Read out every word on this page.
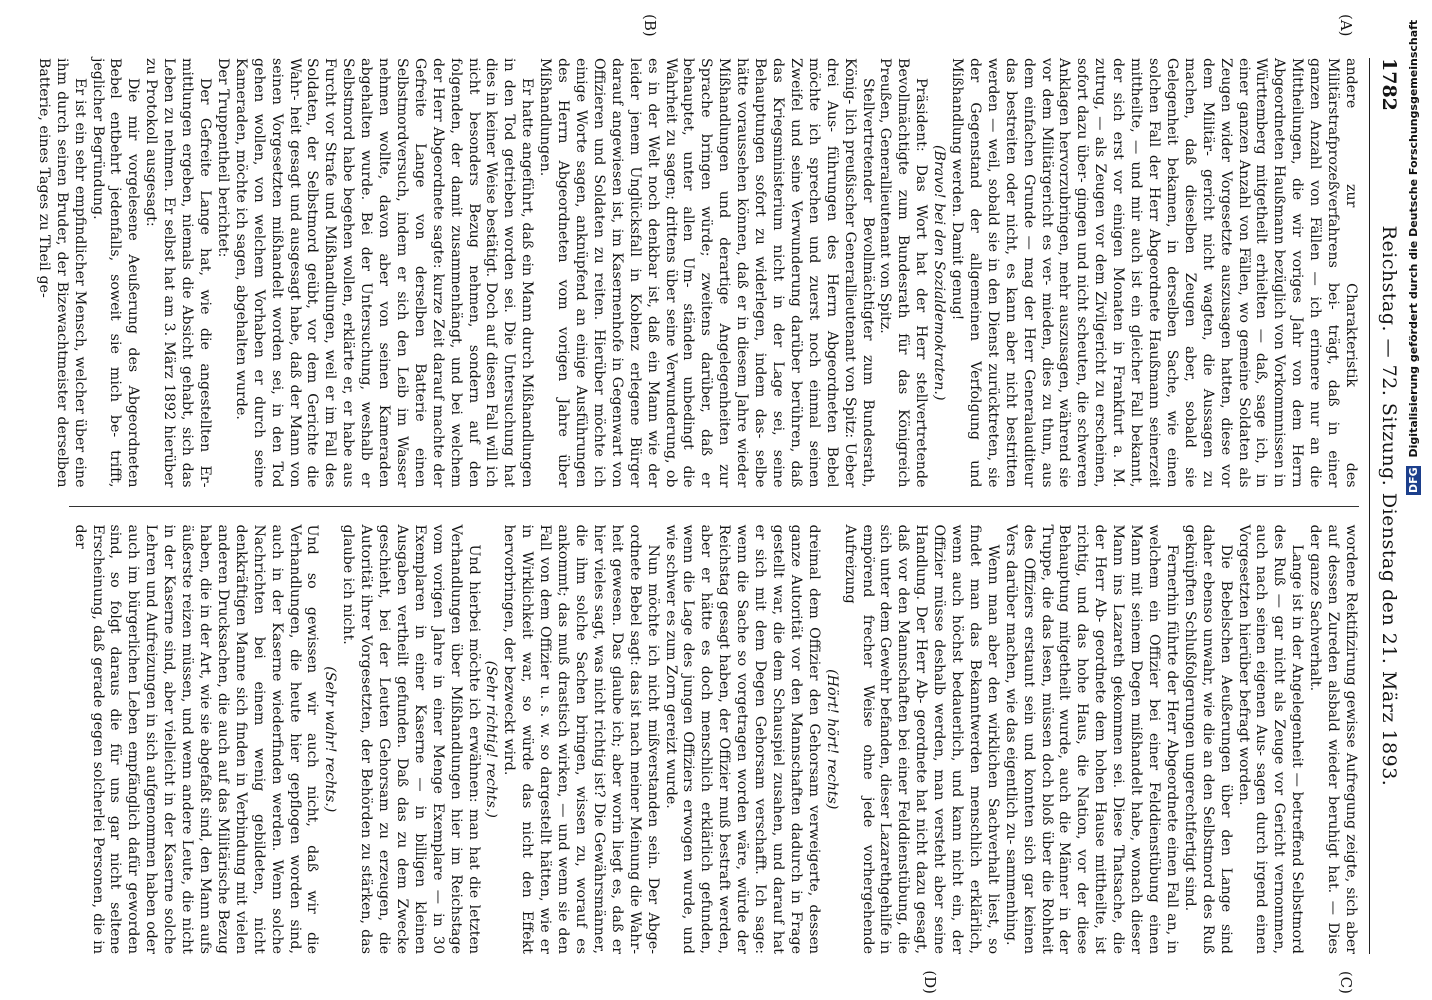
1782
Reichstag. — 72. Sitzung. Dienstag den 21. März 1893.
(A)
(B)
(C)
(D)

andere zur Charakteristik des Militärstrafprozeßverfahrens bei- trägt, daß in einer ganzen Anzahl von Fällen — ich erinnere nur an die Mittheilungen, die wir voriges Jahr von dem Herrn Abgeordneten Haußmann bezüglich von Vorkommnissen in Württemberg mitgetheilt erhielten — daß, sage ich, in einer ganzen Anzahl von Fällen, wo gemeine Soldaten als Zeugen wider Vorgesetzte auszusagen hatten, diese vor dem Militär- gericht nicht wagten, die Aussagen zu machen, daß dieselben Zeugen aber, sobald sie Gelegenheit bekamen, in derselben Sache, wie einen solchen Fall der Herr Abgeordnete Haußmann seinerzeit mittheilte, — und mir auch ist ein gleicher Fall bekannt, der sich erst vor einigen Monaten in Frankfurt a. M. zutrug, — als Zeugen vor dem Zivilgericht zu erscheinen, sofort dazu über- gingen und nicht scheuten, die schweren Anklagen hervorzubringen, mehr auszusagen, während sie vor dem Militärgericht es ver- mieden, dies zu thun, aus dem einfachen Grunde — mag der Herr Generalauditeur das bestreiten oder nicht, es kann aber nicht bestritten werden — weil, sobald sie in den Dienst zurücktreten, sie der Gegenstand der allgemeinen Verfolgung und Mißhandlung werden. Damit genug!

(Bravo! bei den Sozialdemokraten.)

Präsident: Das Wort hat der Herr stellvertretende Bevollmächtigte zum Bundesrath für das Königreich Preußen, Generallieutenant von Spitz.

Stellvertretender Bevollmächtigter zum Bundesrath, König- lich preußischer Generallieutenant von Spitz: Ueber drei Aus- führungen des Herrn Abgeordneten Bebel möchte ich sprechen und zuerst noch einmal seinen Zweifel und seine Verwunderung darüber berühren, daß das Kriegsministerium nicht in der Lage sei, seine Behauptungen sofort zu widerlegen, indem das- selbe hätte voraussehen können, daß er in diesem Jahre wieder Mißhandlungen und derartige Angelegenheiten zur Sprache bringen würde; zweitens darüber, daß er behauptet, unter allen Um- ständen unbedingt die Wahrheit zu sagen; drittens über seine Verwunderung, ob es in der Welt noch denkbar ist, daß ein Mann wie der leider jenem Unglücksfall in Koblenz erlegene Bürger darauf angewiesen ist, im Kasernenhofe in Gegenwart von Offizieren und Soldaten zu reiten. Hierüber möchte ich einige Worte sagen, anknüpfend an einige Ausführungen des Herrn Abgeordneten vom vorigen Jahre über Mißhandlungen.

Er hatte angeführt, daß ein Mann durch Mißhandlungen in den Tod getrieben worden sei. Die Untersuchung hat dies in keiner Weise bestätigt. Doch auf diesen Fall will ich nicht besonders Bezug nehmen, sondern auf den folgenden, der damit zusammenhängt, und bei welchem der Herr Abgeordnete sagte: kurze Zeit darauf machte der Gefreite Lange von derselben Batterie einen Selbstmordversuch, indem er sich den Leib im Wasser nehmen wollte, davon aber von seinen Kameraden abgehalten wurde. Bei der Untersuchung, weshalb er Selbstmord habe begehen wollen, erklärte er, er habe aus Furcht vor Strafe und Mißhandlungen, weil er im Fall des Soldaten, der Selbstmord geübt, vor dem Gerichte die Wahr- heit gesagt und ausgesagt habe, daß der Mann von seinen Vorgesetzten mißhandelt worden sei, in den Tod gehen wollen, von welchem Vorhaben er durch seine Kameraden, möchte ich sagen, abgehalten wurde.

Der Truppentheil berichtet:

Der Gefreite Lange hat, wie die angestellten Er- mittlungen ergeben, niemals die Absicht gehabt, sich das Leben zu nehmen. Er selbst hat am 3. März 1892 hierüber zu Protokoll ausgesagt:

Die mir vorgelesene Aeußerung des Abgeordneten Bebel entbehrt jedenfalls, soweit sie mich be- trifft, jeglicher Begründung.

Er ist ein sehr empfindlicher Mensch, welcher über eine ihm durch seinen Bruder, der Bizewachtmeister derselben Batterie, eines Tages zu Theil ge-

wordene Rektifizirung gewisse Aufregung zeigte, sich aber auf dessen Zureden alsbald wieder beruhigt hat. — Dies der ganze Sachverhalt.

Lange ist in der Angelegenheit — betreffend Selbstmord des Ruß — gar nicht als Zeuge vor Gericht vernommen, auch nach seinen eigenen Aus- sagen durch irgend einen Vorgesetzten hierüber befragt worden.

Die Bebelschen Aeußerungen über den Lange sind daher ebenso unwahr, wie die an den Selbstmord des Ruß geknüpften Schlußfolgerungen ungerechtfertigt sind.

Fernerhin führte der Herr Abgeordnete einen Fall an, in welchem ein Offizier bei einer Felddienstübung einen Mann mit seinem Degen mißhandelt habe, wonach dieser Mann ins Lazareth gekommen sei. Diese Thatsache, die der Herr Ab- geordnete dem hohen Hause mittheilte, ist richtig, und das hohe Haus, die Nation, vor der diese Behauptung mitgetheilt wurde, auch die Männer in der Truppe, die das lesen, müssen doch bloß über die Rohheit des Offiziers erstaunt sein und konnten sich gar keinen Vers darüber machen, wie das eigentlich zu- sammenhing.

Wenn man aber den wirklichen Sachverhalt liest, so findet man das Bekanntwerden menschlich erklärlich, wenn auch höchst bedauerlich, und kann nicht ein, der Offizier müsse deshalb werden, man versteht aber seine Handlung. Der Herr Ab- geordnete hat nicht dazu gesagt, daß vor den Mannschaften bei einer Felddienstübung, die sich unter dem Gewehr befanden, dieser Lazarethgehilfe in empörend frecher Weise ohne jede vorhergehende Aufreizung

(Hört! hört! rechts)

dreimal dem Offizier den Gehorsam verweigerte, dessen ganze Autorität vor den Mannschaften dadurch in Frage gestellt war, die dem Schauspiel zusahen, und darauf hat er sich mit dem Degen Gehorsam verschafft. Ich sage: wenn die Sache so vorgetragen worden wäre, würde der Reichstag gesagt haben, der Offizier muß bestraft werden, aber er hätte es doch menschlich erklärlich gefunden, wenn die Lage des jungen Offiziers erwogen wurde, und wie schwer es zum Zorn gereizt wurde.

Nun möchte ich nicht mißverstanden sein. Der Abge- ordnete Bebel sagt: das ist nach meiner Meinung die Wahr- heit gewesen. Das glaube ich; aber worin liegt es, daß er hier vieles sagt, was nicht richtig ist? Die Gewährsmänner, die ihm solche Sachen bringen, wissen zu, worauf es ankommt; das muß drastisch wirken, — und wenn sie den Fall von dem Offizier u. s. w. so dargestellt hätten, wie er in Wirklichkeit war, so würde das nicht den Effekt hervorbringen, der bezweckt wird.

(Sehr richtig! rechts.)

Und hierbei möchte ich erwähnen: man hat die letzten Verhandlungen über Mißhandlungen hier im Reichstage vom vorigen Jahre in einer Menge Exemplare — in 30 Exemplaren in einer Kaserne — in billigen kleinen Ausgaben vertheilt gefunden. Daß das zu dem Zwecke geschieht, bei der Leuten Gehorsam zu erzeugen, die Autorität ihrer Vorgesetzten, der Behörden zu stärken, das glaube ich nicht.

(Sehr wahr! rechts.)

Und so gewissen wir auch nicht, daß wir die Verhandlungen, die heute hier gepflogen worden sind, auch in der Kaserne wiederfinden werden. Wenn solche Nachrichten bei einem wenig gebildeten, nicht denkkräftigen Manne sich finden in Verbindung mit vielen anderen Drucksachen, die auch auf das Militärische Bezug haben, die in der Art, wie sie abgefaßt sind, den Mann aufs äußerste reizen müssen, und wenn andere Leute, die nicht in der Kaserne sind, aber vielleicht in der Kaserne solche Lehren und Aufreizungen in sich aufgenommen haben oder auch im bürgerlichen Leben empfänglich dafür geworden sind, so folgt daraus die für uns gar nicht seltene Erscheinung, daß gerade gegen solcherlei Personen, die in der

DFG Digitalisierung gefördert durch die Deutsche Forschungsgemeinschaft
